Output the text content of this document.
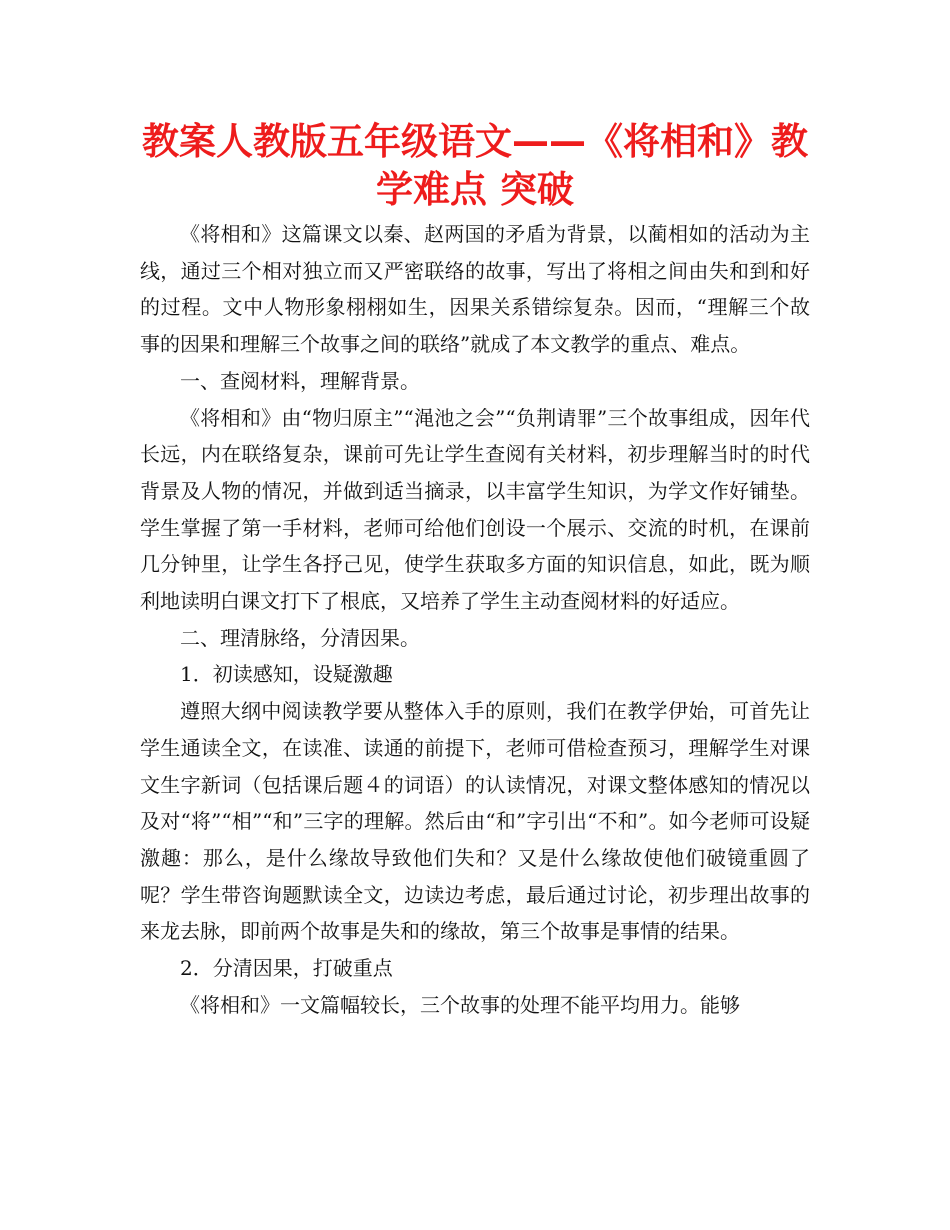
教案人教版五年级语文——《将相和》教学难点 突破

《将相和》这篇课文以秦、赵两国的矛盾为背景，以蔺相如的活动为主线，通过三个相对独立而又严密联络的故事，写出了将相之间由失和到和好的过程。文中人物形象栩栩如生，因果关系错综复杂。因而，“理解三个故事的因果和理解三个故事之间的联络”就成了本文教学的重点、难点。

一、查阅材料，理解背景。

《将相和》由“物归原主”“渑池之会”“负荆请罪”三个故事组成，因年代长远，内在联络复杂，课前可先让学生查阅有关材料，初步理解当时的时代背景及人物的情况，并做到适当摘录，以丰富学生知识，为学文作好铺垫。学生掌握了第一手材料，老师可给他们创设一个展示、交流的时机，在课前几分钟里，让学生各抒己见，使学生获取多方面的知识信息，如此，既为顺利地读明白课文打下了根底，又培养了学生主动查阅材料的好适应。

二、理清脉络，分清因果。

1．初读感知，设疑激趣

遵照大纲中阅读教学要从整体入手的原则，我们在教学伊始，可首先让学生通读全文，在读准、读通的前提下，老师可借检查预习，理解学生对课文生字新词（包括课后题４的词语）的认读情况，对课文整体感知的情况以及对“将”“相”“和”三字的理解。然后由“和”字引出“不和”。如今老师可设疑激趣：那么，是什么缘故导致他们失和？又是什么缘故使他们破镜重圆了呢？学生带咨询题默读全文，边读边考虑，最后通过讨论，初步理出故事的来龙去脉，即前两个故事是失和的缘故，第三个故事是事情的结果。

2．分清因果，打破重点

《将相和》一文篇幅较长，三个故事的处理不能平均用力。能够
